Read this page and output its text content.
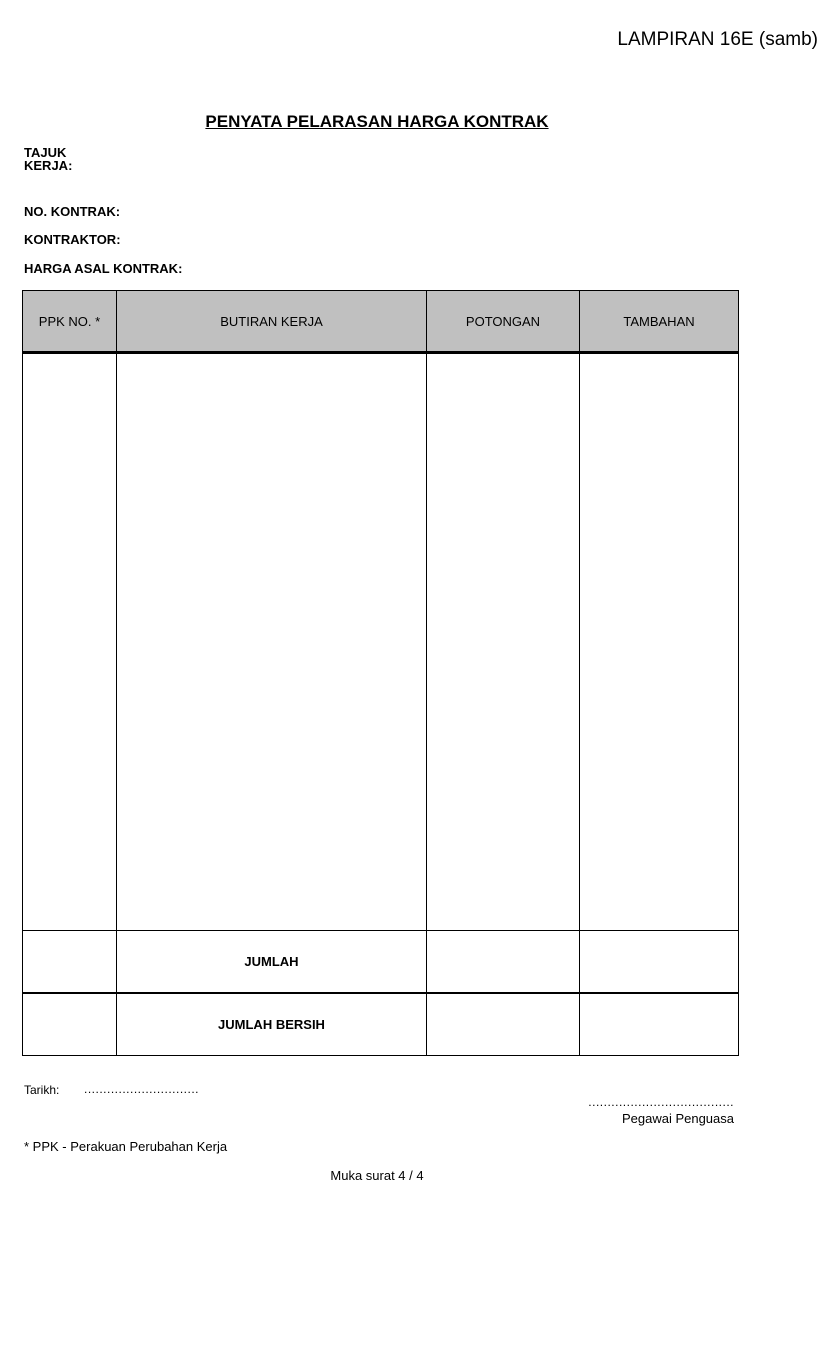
LAMPIRAN 16E (samb)
PENYATA PELARASAN HARGA KONTRAK
TAJUK
KERJA:
NO. KONTRAK:
KONTRAKTOR:
HARGA ASAL KONTRAK:
PPK NO. *	BUTIRAN KERJA	POTONGAN	TAMBAHAN

	JUMLAH		
	JUMLAH BERSIH		
Tarikh: ..............................
......................................
Pegawai Penguasa
* PPK - Perakuan Perubahan Kerja
Muka surat 4 / 4
